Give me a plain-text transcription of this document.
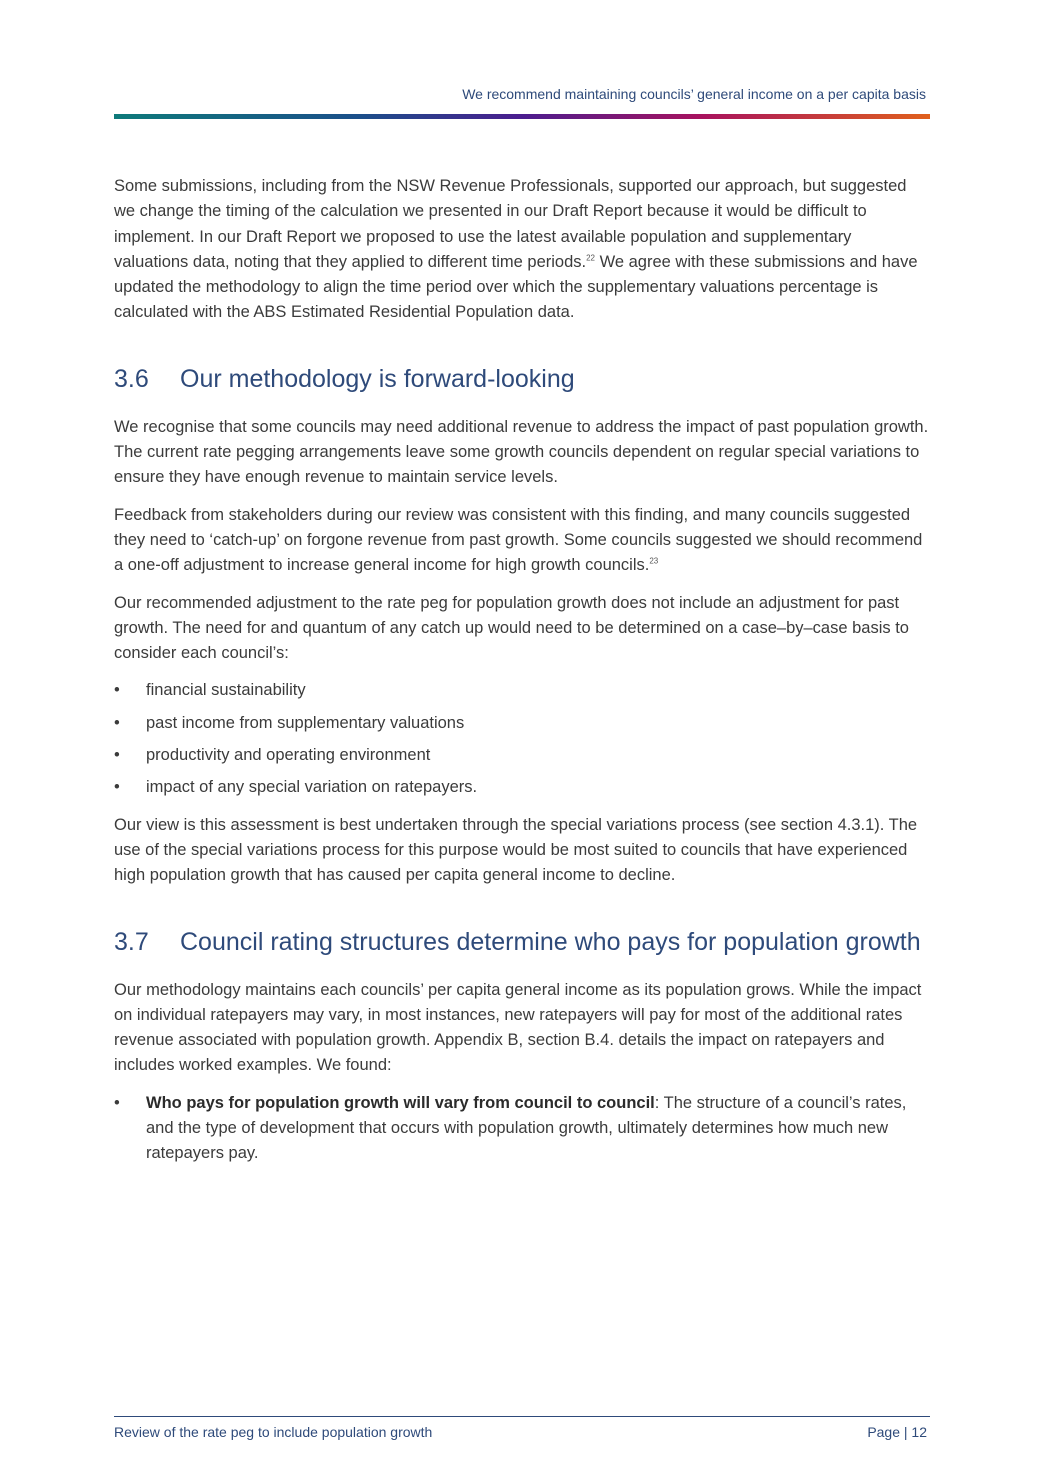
We recommend maintaining councils’ general income on a per capita basis

Some submissions, including from the NSW Revenue Professionals, supported our approach, but suggested we change the timing of the calculation we presented in our Draft Report because it would be difficult to implement. In our Draft Report we proposed to use the latest available population and supplementary valuations data, noting that they applied to different time periods.$^{22}$ We agree with these submissions and have updated the methodology to align the time period over which the supplementary valuations percentage is calculated with the ABS Estimated Residential Population data.

3.6	Our methodology is forward-looking

We recognise that some councils may need additional revenue to address the impact of past population growth. The current rate pegging arrangements leave some growth councils dependent on regular special variations to ensure they have enough revenue to maintain service levels.

Feedback from stakeholders during our review was consistent with this finding, and many councils suggested they need to ‘catch-up’ on forgone revenue from past growth. Some councils suggested we should recommend a one-off adjustment to increase general income for high growth councils.$^{23}$

Our recommended adjustment to the rate peg for population growth does not include an adjustment for past growth. The need for and quantum of any catch up would need to be determined on a case–by–case basis to consider each council’s:

• financial sustainability
• past income from supplementary valuations
• productivity and operating environment
• impact of any special variation on ratepayers.

Our view is this assessment is best undertaken through the special variations process (see section 4.3.1). The use of the special variations process for this purpose would be most suited to councils that have experienced high population growth that has caused per capita general income to decline.

3.7	Council rating structures determine who pays for population growth

Our methodology maintains each councils’ per capita general income as its population grows. While the impact on individual ratepayers may vary, in most instances, new ratepayers will pay for most of the additional rates revenue associated with population growth. Appendix B, section B.4. details the impact on ratepayers and includes worked examples. We found:

• Who pays for population growth will vary from council to council: The structure of a council’s rates, and the type of development that occurs with population growth, ultimately determines how much new ratepayers pay.
Review of the rate peg to include population growth	Page | 12
